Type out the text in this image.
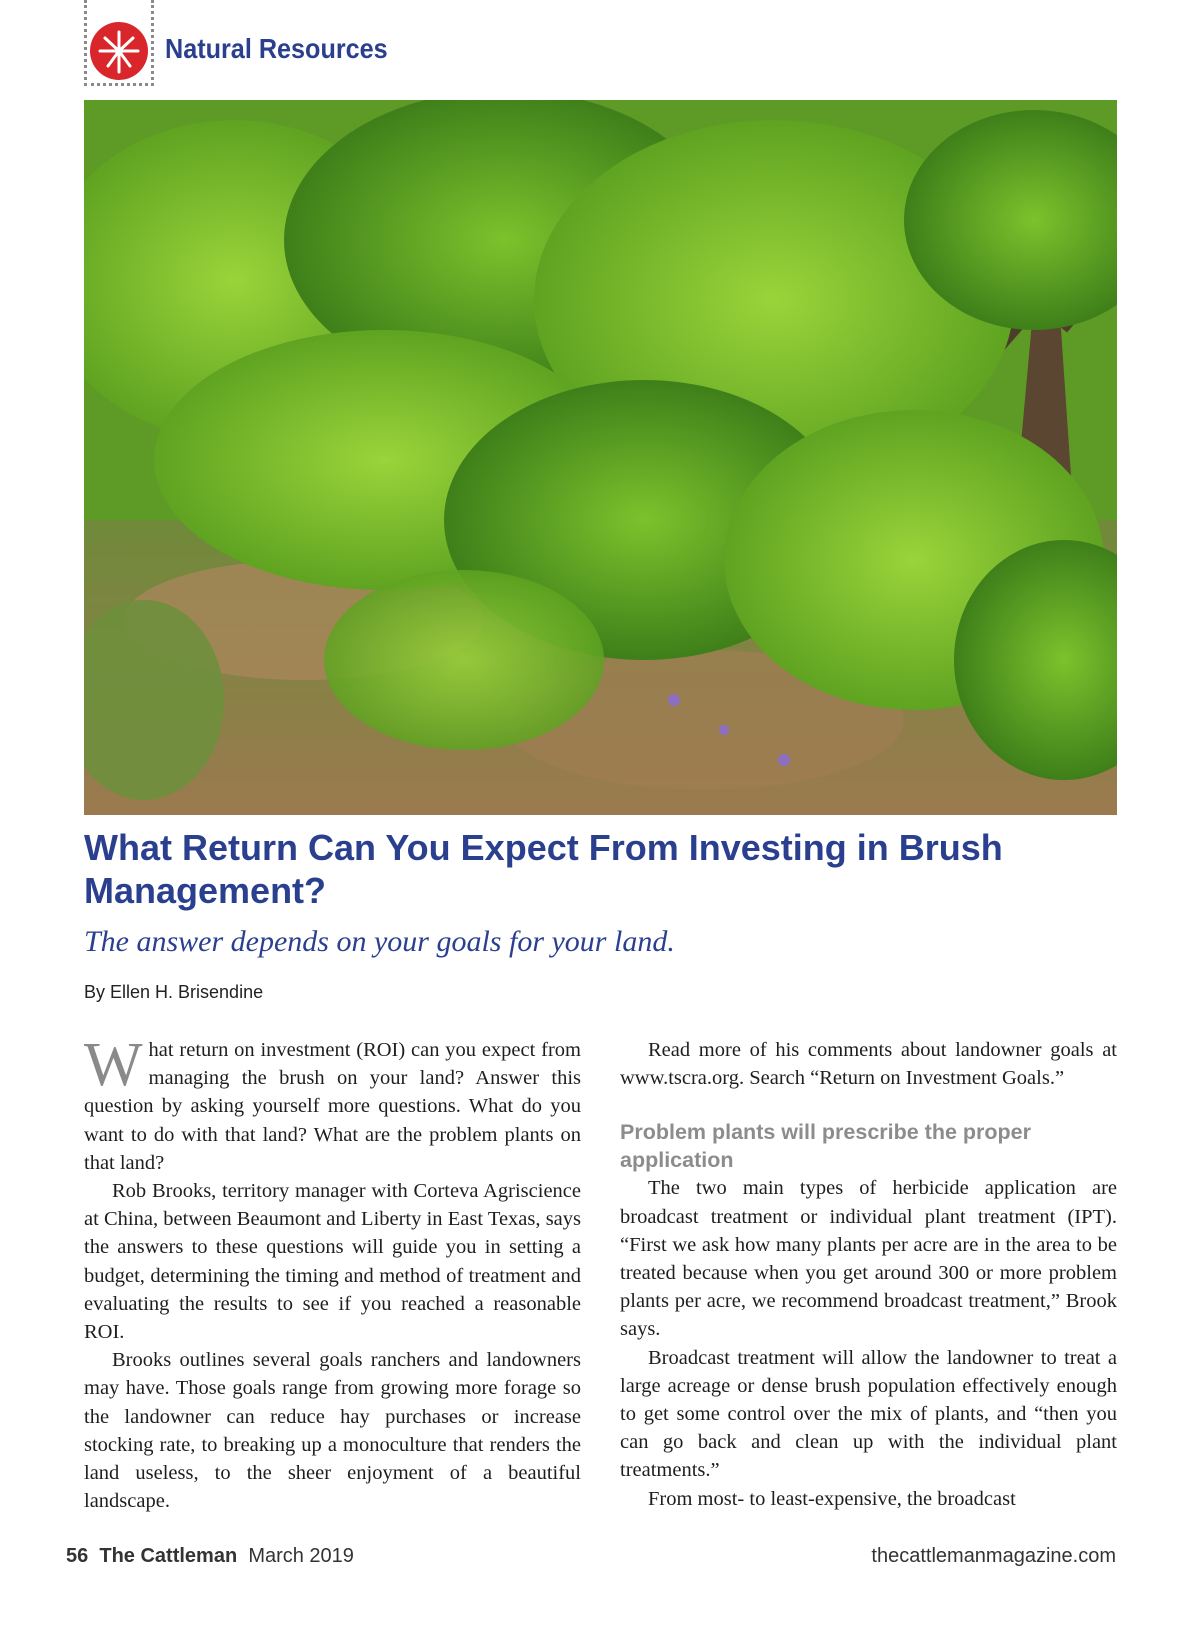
Natural Resources
What Return Can You Expect From Investing in Brush Management?

The answer depends on your goals for your land.

By Ellen H. Brisendine

What return on investment (ROI) can you expect from managing the brush on your land? Answer this question by asking yourself more questions. What do you want to do with that land? What are the problem plants on that land?

Rob Brooks, territory manager with Corteva Agriscience at China, between Beaumont and Liberty in East Texas, says the answers to these questions will guide you in setting a budget, determining the timing and method of treatment and evaluating the results to see if you reached a reasonable ROI.

Brooks outlines several goals ranchers and landowners may have. Those goals range from growing more forage so the landowner can reduce hay purchases or increase stocking rate, to breaking up a monoculture that renders the land useless, to the sheer enjoyment of a beautiful landscape.

Read more of his comments about landowner goals at www.tscra.org. Search “Return on Investment Goals.”

Problem plants will prescribe the proper application

The two main types of herbicide application are broadcast treatment or individual plant treatment (IPT). “First we ask how many plants per acre are in the area to be treated because when you get around 300 or more problem plants per acre, we recommend broadcast treatment,” Brook says.

Broadcast treatment will allow the landowner to treat a large acreage or dense brush population effectively enough to get some control over the mix of plants, and “then you can go back and clean up with the individual plant treatments.”

From most- to least-expensive, the broadcast

56 The Cattleman March 2019	thecattlemanmagazine.com
